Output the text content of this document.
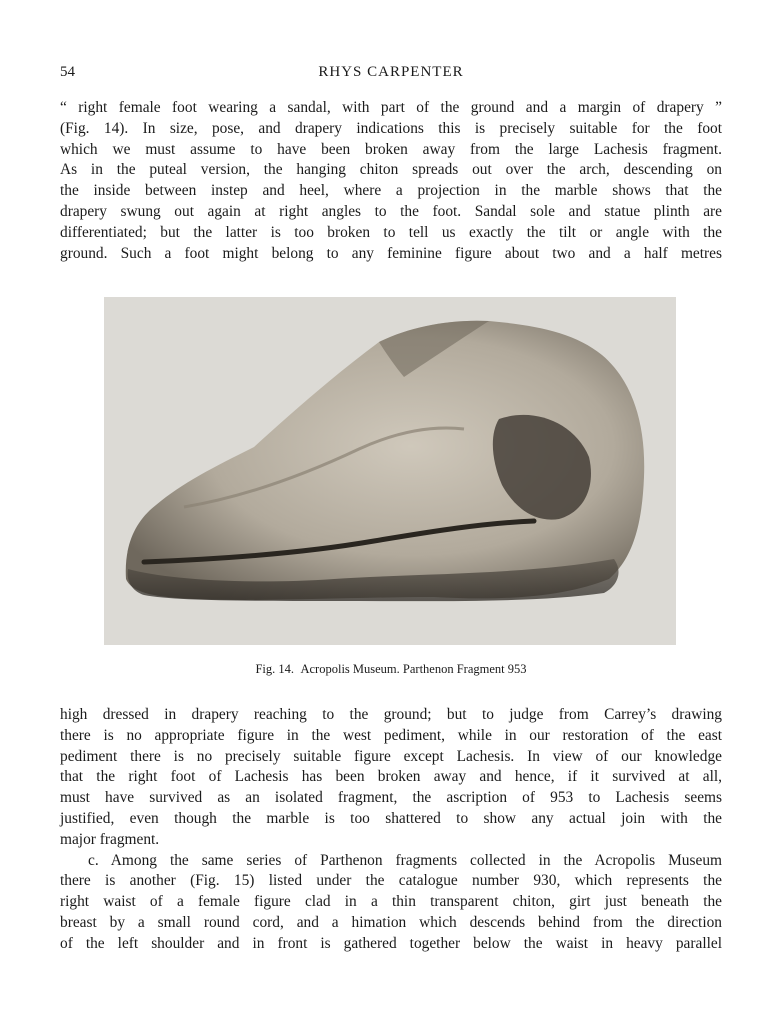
54	RHYS CARPENTER
“ right female foot wearing a sandal, with part of the ground and a margin of drapery ”
(Fig. 14). In size, pose, and drapery indications this is precisely suitable for the foot
which we must assume to have been broken away from the large Lachesis fragment.
As in the puteal version, the hanging chiton spreads out over the arch, descending on
the inside between instep and heel, where a projection in the marble shows that the
drapery swung out again at right angles to the foot. Sandal sole and statue plinth are
differentiated; but the latter is too broken to tell us exactly the tilt or angle with the
ground. Such a foot might belong to any feminine figure about two and a half metres
Fig. 14. Acropolis Museum. Parthenon Fragment 953
high dressed in drapery reaching to the ground; but to judge from Carrey’s drawing
there is no appropriate figure in the west pediment, while in our restoration of the east
pediment there is no precisely suitable figure except Lachesis. In view of our knowledge
that the right foot of Lachesis has been broken away and hence, if it survived at all,
must have survived as an isolated fragment, the ascription of 953 to Lachesis seems
justified, even though the marble is too shattered to show any actual join with the
major fragment.
c. Among the same series of Parthenon fragments collected in the Acropolis Museum
there is another (Fig. 15) listed under the catalogue number 930, which represents the
right waist of a female figure clad in a thin transparent chiton, girt just beneath the
breast by a small round cord, and a himation which descends behind from the direction
of the left shoulder and in front is gathered together below the waist in heavy parallel
